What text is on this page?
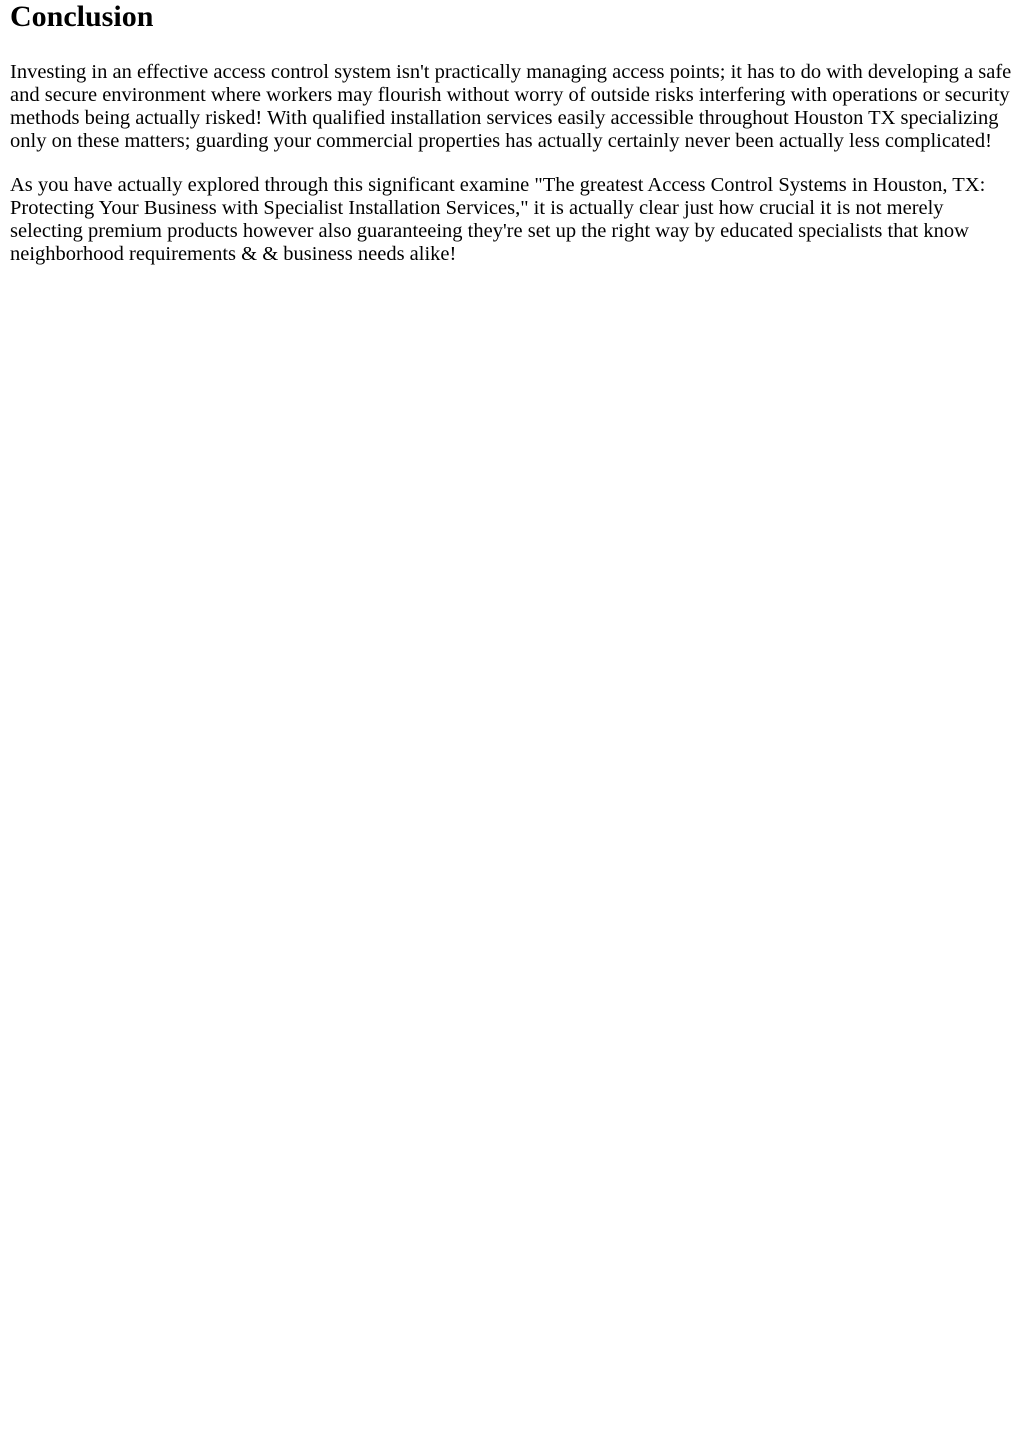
Conclusion

Investing in an effective access control system isn't practically managing access points; it has to do with developing a safe and secure environment where workers may flourish without worry of outside risks interfering with operations or security methods being actually risked! With qualified installation services easily accessible throughout Houston TX specializing only on these matters; guarding your commercial properties has actually certainly never been actually less complicated!

As you have actually explored through this significant examine "The greatest Access Control Systems in Houston, TX: Protecting Your Business with Specialist Installation Services," it is actually clear just how crucial it is not merely selecting premium products however also guaranteeing they're set up the right way by educated specialists that know neighborhood requirements & & business needs alike!
